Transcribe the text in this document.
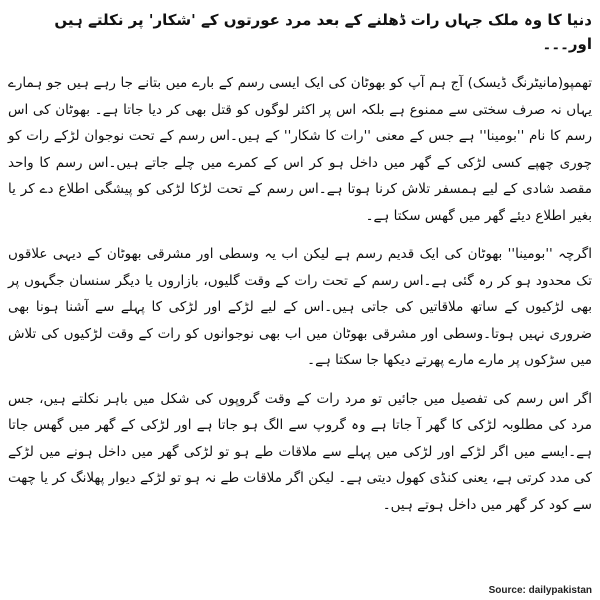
دنیا کا وہ ملک جہاں رات ڈھلنے کے بعد مرد عورتوں کے 'شکار' پر نکلتے ہیں اور۔۔۔

تھمپو(مانیٹرنگ ڈیسک) آج ہم آپ کو بھوٹان کی ایک ایسی رسم کے بارے میں بتانے جا رہے ہیں جو ہمارے یہاں نہ صرف سختی سے ممنوع ہے بلکہ اس پر اکثر لوگوں کو قتل بھی کر دیا جاتا ہے۔ بھوٹان کی اس رسم کا نام ''بومینا'' ہے جس کے معنی ''رات کا شکار'' کے ہیں۔اس رسم کے تحت نوجوان لڑکے رات کو چوری چھپے کسی لڑکی کے گھر میں داخل ہو کر اس کے کمرے میں چلے جاتے ہیں۔اس رسم کا واحد مقصد شادی کے لیے ہمسفر تلاش کرنا ہوتا ہے۔اس رسم کے تحت لڑکا لڑکی کو پیشگی اطلاع دے کر یا بغیر اطلاع دیئے گھر میں گھس سکتا ہے۔

اگرچہ ''بومینا'' بھوٹان کی ایک قدیم رسم ہے لیکن اب یہ وسطی اور مشرقی بھوٹان کے دیہی علاقوں تک محدود ہو کر رہ گئی ہے۔اس رسم کے تحت رات کے وقت گلیوں، بازاروں یا دیگر سنسان جگہوں پر بھی لڑکیوں کے ساتھ ملاقاتیں کی جاتی ہیں۔اس کے لیے لڑکے اور لڑکی کا پہلے سے آشنا ہونا بھی ضروری نہیں ہوتا۔وسطی اور مشرقی بھوٹان میں اب بھی نوجوانوں کو رات کے وقت لڑکیوں کی تلاش میں سڑکوں پر مارے مارے پھرتے دیکھا جا سکتا ہے۔

اگر اس رسم کی تفصیل میں جائیں تو مرد رات کے وقت گروپوں کی شکل میں باہر نکلتے ہیں، جس مرد کی مطلوبہ لڑکی کا گھر آ جاتا ہے وہ گروپ سے الگ ہو جاتا ہے اور لڑکی کے گھر میں گھس جاتا ہے۔ایسے میں اگر لڑکے اور لڑکی میں پہلے سے ملاقات طے ہو تو لڑکی گھر میں داخل ہونے میں لڑکے کی مدد کرتی ہے، یعنی کنڈی کھول دیتی ہے۔ لیکن اگر ملاقات طے نہ ہو تو لڑکے دیوار پھلانگ کر یا چھت سے کود کر گھر میں داخل ہوتے ہیں۔

Source: dailypakistan
